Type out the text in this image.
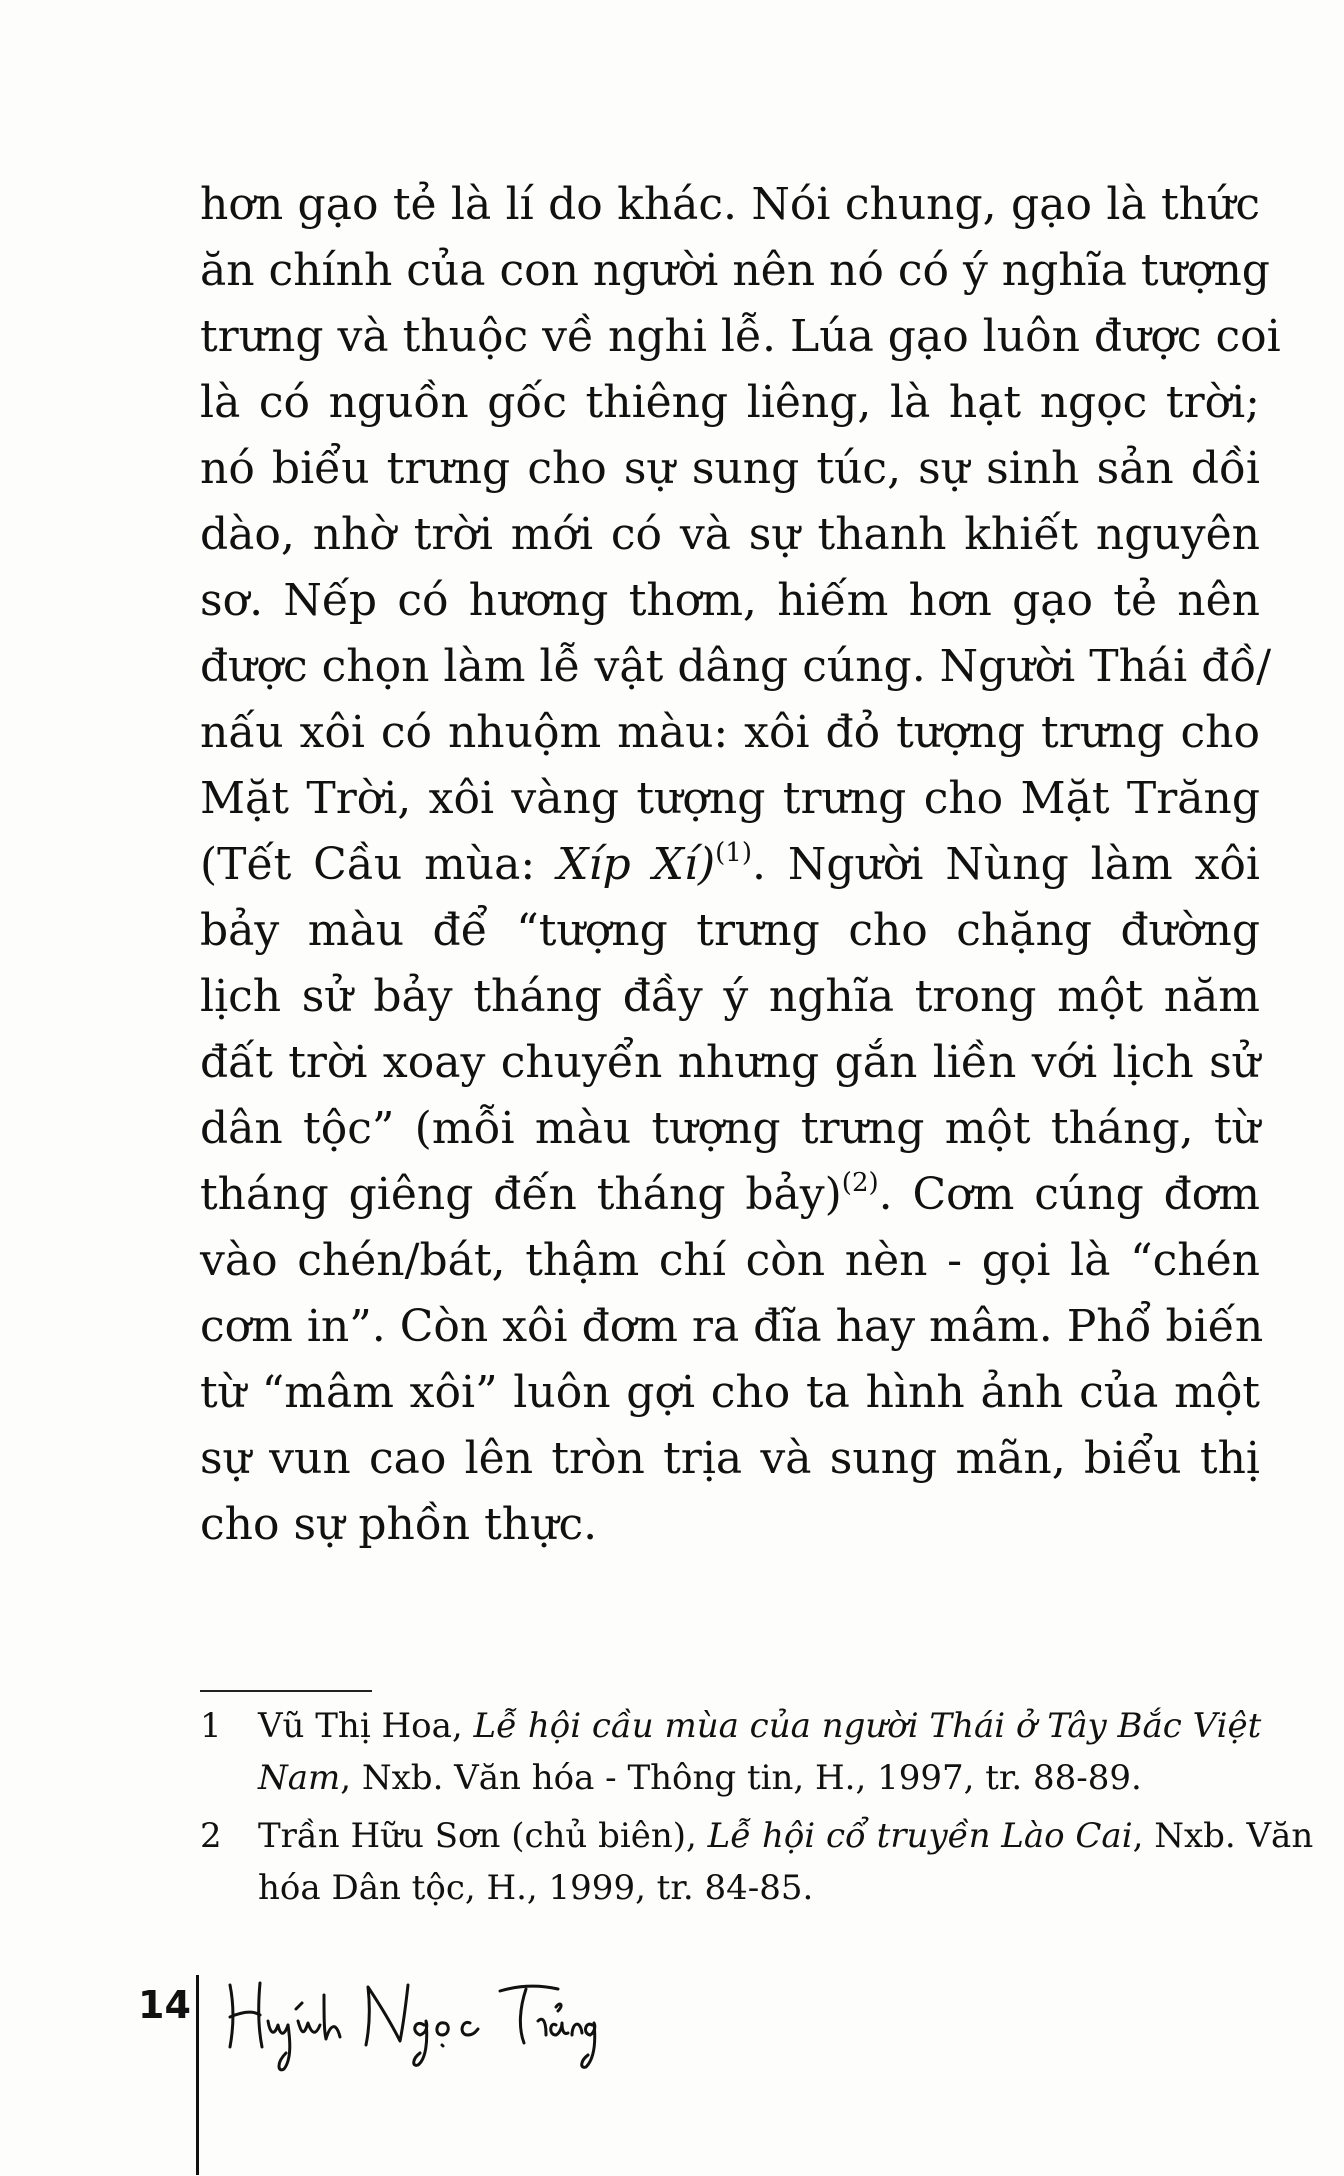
hơn gạo tẻ là lí do khác. Nói chung, gạo là thức
ăn chính của con người nên nó có ý nghĩa tượng
trưng và thuộc về nghi lễ. Lúa gạo luôn được coi
là có nguồn gốc thiêng liêng, là hạt ngọc trời;
nó biểu trưng cho sự sung túc, sự sinh sản dồi
dào, nhờ trời mới có và sự thanh khiết nguyên
sơ. Nếp có hương thơm, hiếm hơn gạo tẻ nên
được chọn làm lễ vật dâng cúng. Người Thái đồ/
nấu xôi có nhuộm màu: xôi đỏ tượng trưng cho
Mặt Trời, xôi vàng tượng trưng cho Mặt Trăng
(Tết Cầu mùa: Xíp Xí)$^{(1)}$. Người Nùng làm xôi
bảy màu để “tượng trưng cho chặng đường
lịch sử bảy tháng đầy ý nghĩa trong một năm
đất trời xoay chuyển nhưng gắn liền với lịch sử
dân tộc” (mỗi màu tượng trưng một tháng, từ
tháng giêng đến tháng bảy)$^{(2)}$. Cơm cúng đơm
vào chén/bát, thậm chí còn nèn - gọi là “chén
cơm in”. Còn xôi đơm ra đĩa hay mâm. Phổ biến
từ “mâm xôi” luôn gợi cho ta hình ảnh của một
sự vun cao lên tròn trịa và sung mãn, biểu thị
cho sự phồn thực.
1 Vũ Thị Hoa, Lễ hội cầu mùa của người Thái ở Tây Bắc Việt
Nam, Nxb. Văn hóa - Thông tin, H., 1997, tr. 88-89.
2 Trần Hữu Sơn (chủ biên), Lễ hội cổ truyền Lào Cai, Nxb. Văn
hóa Dân tộc, H., 1999, tr. 84-85.
14
